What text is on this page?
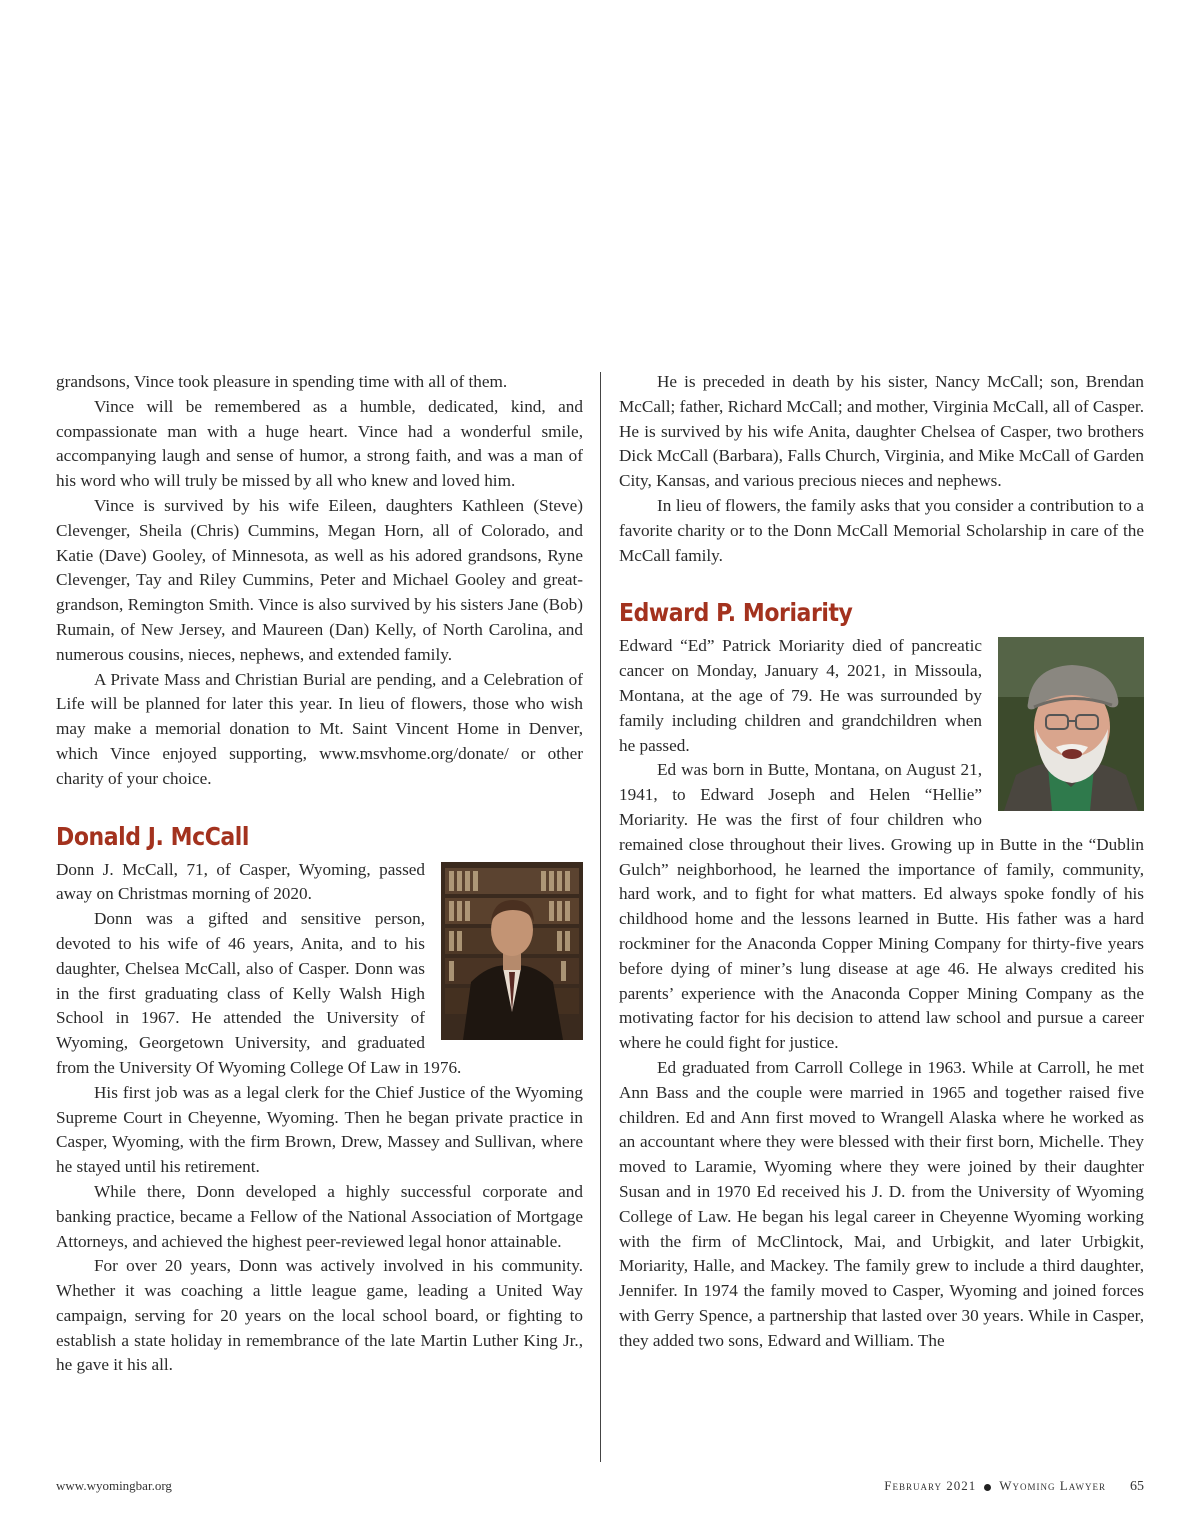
grandsons, Vince took pleasure in spending time with all of them.

Vince will be remembered as a humble, dedicated, kind, and compassionate man with a huge heart. Vince had a wonderful smile, accompanying laugh and sense of humor, a strong faith, and was a man of his word who will truly be missed by all who knew and loved him.

Vince is survived by his wife Eileen, daughters Kathleen (Steve) Clevenger, Sheila (Chris) Cummins, Megan Horn, all of Colorado, and Katie (Dave) Gooley, of Minnesota, as well as his adored grandsons, Ryne Clevenger, Tay and Riley Cummins, Peter and Michael Gooley and great-grandson, Remington Smith. Vince is also survived by his sisters Jane (Bob) Rumain, of New Jersey, and Maureen (Dan) Kelly, of North Carolina, and numerous cousins, nieces, nephews, and extended family.

A Private Mass and Christian Burial are pending, and a Celebration of Life will be planned for later this year. In lieu of flowers, those who wish may make a memorial donation to Mt. Saint Vincent Home in Denver, which Vince enjoyed supporting, www.msvhome.org/donate/ or other charity of your choice.

Donald J. McCall

Donn J. McCall, 71, of Casper, Wyoming, passed away on Christmas morning of 2020.

Donn was a gifted and sensitive person, devoted to his wife of 46 years, Anita, and to his daughter, Chelsea McCall, also of Casper. Donn was in the first graduating class of Kelly Walsh High School in 1967. He attended the University of Wyoming, Georgetown University, and graduated from the University Of Wyoming College Of Law in 1976.

His first job was as a legal clerk for the Chief Justice of the Wyoming Supreme Court in Cheyenne, Wyoming. Then he began private practice in Casper, Wyoming, with the firm Brown, Drew, Massey and Sullivan, where he stayed until his retirement.

While there, Donn developed a highly successful corporate and banking practice, became a Fellow of the National Association of Mortgage Attorneys, and achieved the highest peer-reviewed legal honor attainable.

For over 20 years, Donn was actively involved in his community. Whether it was coaching a little league game, leading a United Way campaign, serving for 20 years on the local school board, or fighting to establish a state holiday in remembrance of the late Martin Luther King Jr., he gave it his all.

He is preceded in death by his sister, Nancy McCall; son, Brendan McCall; father, Richard McCall; and mother, Virginia McCall, all of Casper. He is survived by his wife Anita, daughter Chelsea of Casper, two brothers Dick McCall (Barbara), Falls Church, Virginia, and Mike McCall of Garden City, Kansas, and various precious nieces and nephews.

In lieu of flowers, the family asks that you consider a contribution to a favorite charity or to the Donn McCall Memorial Scholarship in care of the McCall family.

Edward P. Moriarity

Edward “Ed” Patrick Moriarity died of pancreatic cancer on Monday, January 4, 2021, in Missoula, Montana, at the age of 79. He was surrounded by family including children and grandchildren when he passed.

Ed was born in Butte, Montana, on August 21, 1941, to Edward Joseph and Helen “Hellie” Moriarity. He was the first of four children who remained close throughout their lives. Growing up in Butte in the “Dublin Gulch” neighborhood, he learned the importance of family, community, hard work, and to fight for what matters. Ed always spoke fondly of his childhood home and the lessons learned in Butte. His father was a hard rockminer for the Anaconda Copper Mining Company for thirty-five years before dying of miner’s lung disease at age 46. He always credited his parents’ experience with the Anaconda Copper Mining Company as the motivating factor for his decision to attend law school and pursue a career where he could fight for justice.

Ed graduated from Carroll College in 1963. While at Carroll, he met Ann Bass and the couple were married in 1965 and together raised five children. Ed and Ann first moved to Wrangell Alaska where he worked as an accountant where they were blessed with their first born, Michelle. They moved to Laramie, Wyoming where they were joined by their daughter Susan and in 1970 Ed received his J. D. from the University of Wyoming College of Law. He began his legal career in Cheyenne Wyoming working with the firm of McClintock, Mai, and Urbigkit, and later Urbigkit, Moriarity, Halle, and Mackey. The family grew to include a third daughter, Jennifer. In 1974 the family moved to Casper, Wyoming and joined forces with Gerry Spence, a partnership that lasted over 30 years. While in Casper, they added two sons, Edward and William. The

www.wyomingbar.org	February 2021 Wyoming Lawyer 65
